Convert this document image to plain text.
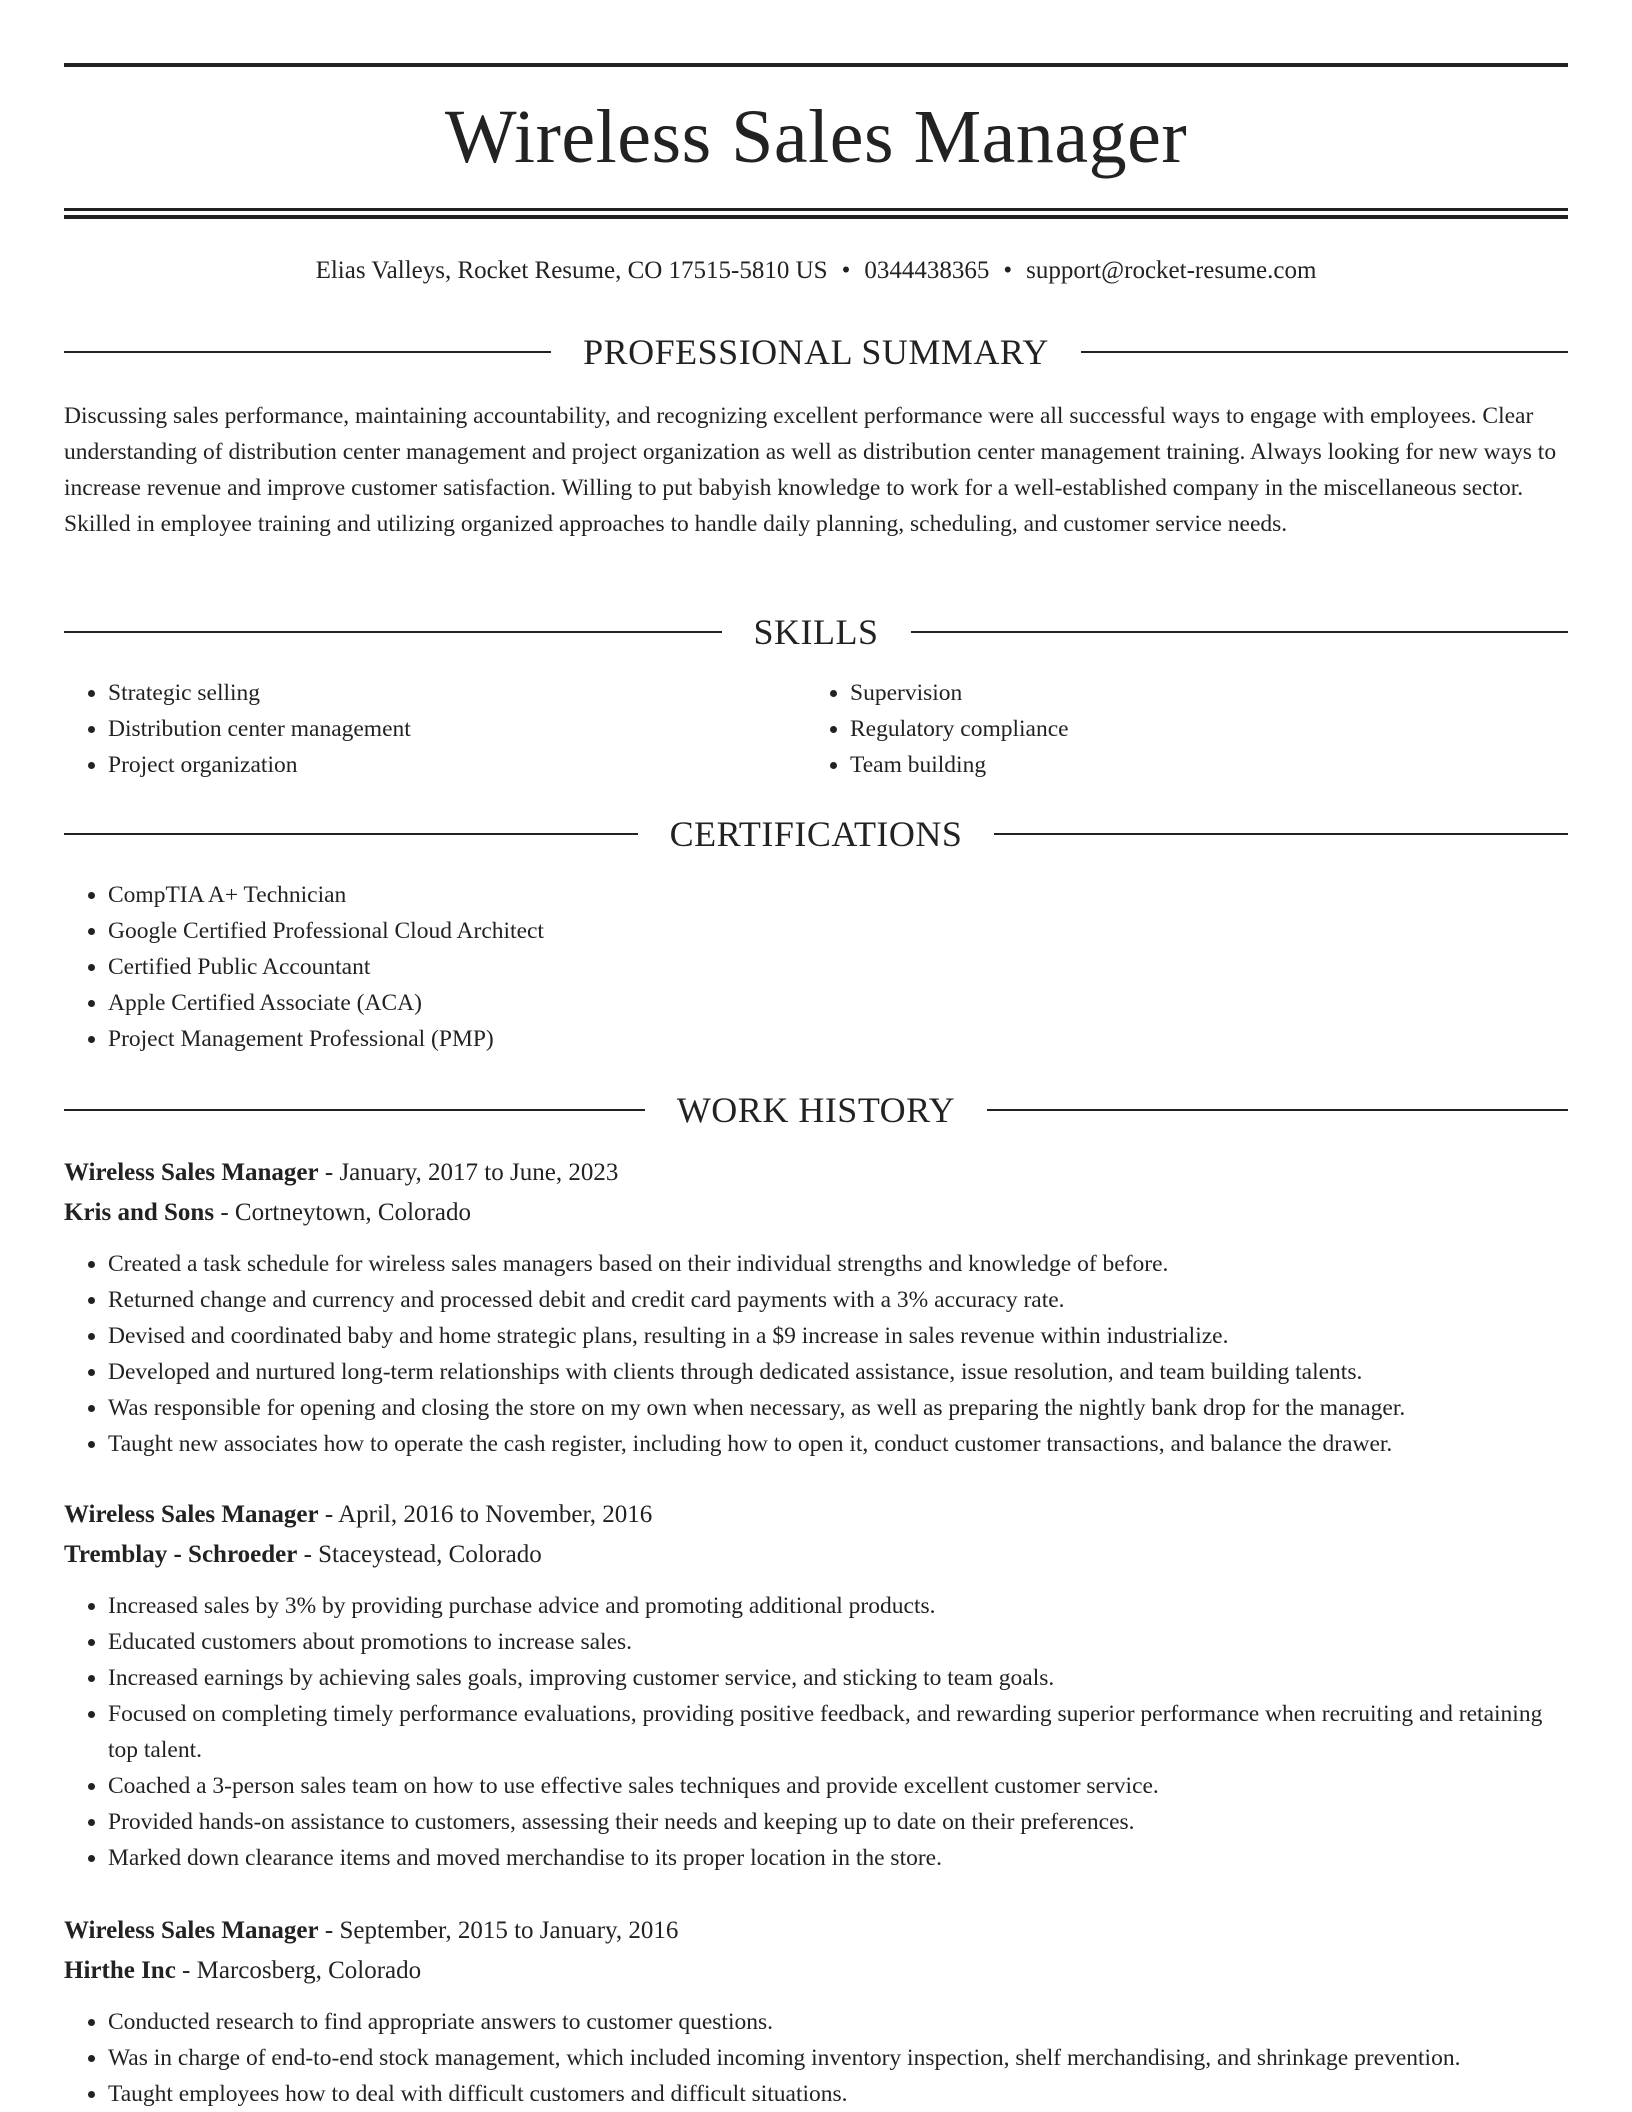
Wireless Sales Manager
Elias Valleys, Rocket Resume, CO 17515-5810 US • 0344438365 • support@rocket-resume.com
PROFESSIONAL SUMMARY
Discussing sales performance, maintaining accountability, and recognizing excellent performance were all successful ways to engage with employees. Clear understanding of distribution center management and project organization as well as distribution center management training. Always looking for new ways to increase revenue and improve customer satisfaction. Willing to put babyish knowledge to work for a well-established company in the miscellaneous sector. Skilled in employee training and utilizing organized approaches to handle daily planning, scheduling, and customer service needs.
SKILLS
• Strategic selling
• Distribution center management
• Project organization
• Supervision
• Regulatory compliance
• Team building
CERTIFICATIONS
• CompTIA A+ Technician
• Google Certified Professional Cloud Architect
• Certified Public Accountant
• Apple Certified Associate (ACA)
• Project Management Professional (PMP)
WORK HISTORY
Wireless Sales Manager - January, 2017 to June, 2023
Kris and Sons - Cortneytown, Colorado
• Created a task schedule for wireless sales managers based on their individual strengths and knowledge of before.
• Returned change and currency and processed debit and credit card payments with a 3% accuracy rate.
• Devised and coordinated baby and home strategic plans, resulting in a $9 increase in sales revenue within industrialize.
• Developed and nurtured long-term relationships with clients through dedicated assistance, issue resolution, and team building talents.
• Was responsible for opening and closing the store on my own when necessary, as well as preparing the nightly bank drop for the manager.
• Taught new associates how to operate the cash register, including how to open it, conduct customer transactions, and balance the drawer.
Wireless Sales Manager - April, 2016 to November, 2016
Tremblay - Schroeder - Staceystead, Colorado
• Increased sales by 3% by providing purchase advice and promoting additional products.
• Educated customers about promotions to increase sales.
• Increased earnings by achieving sales goals, improving customer service, and sticking to team goals.
• Focused on completing timely performance evaluations, providing positive feedback, and rewarding superior performance when recruiting and retaining top talent.
• Coached a 3-person sales team on how to use effective sales techniques and provide excellent customer service.
• Provided hands-on assistance to customers, assessing their needs and keeping up to date on their preferences.
• Marked down clearance items and moved merchandise to its proper location in the store.
Wireless Sales Manager - September, 2015 to January, 2016
Hirthe Inc - Marcosberg, Colorado
• Conducted research to find appropriate answers to customer questions.
• Was in charge of end-to-end stock management, which included incoming inventory inspection, shelf merchandising, and shrinkage prevention.
• Taught employees how to deal with difficult customers and difficult situations.
